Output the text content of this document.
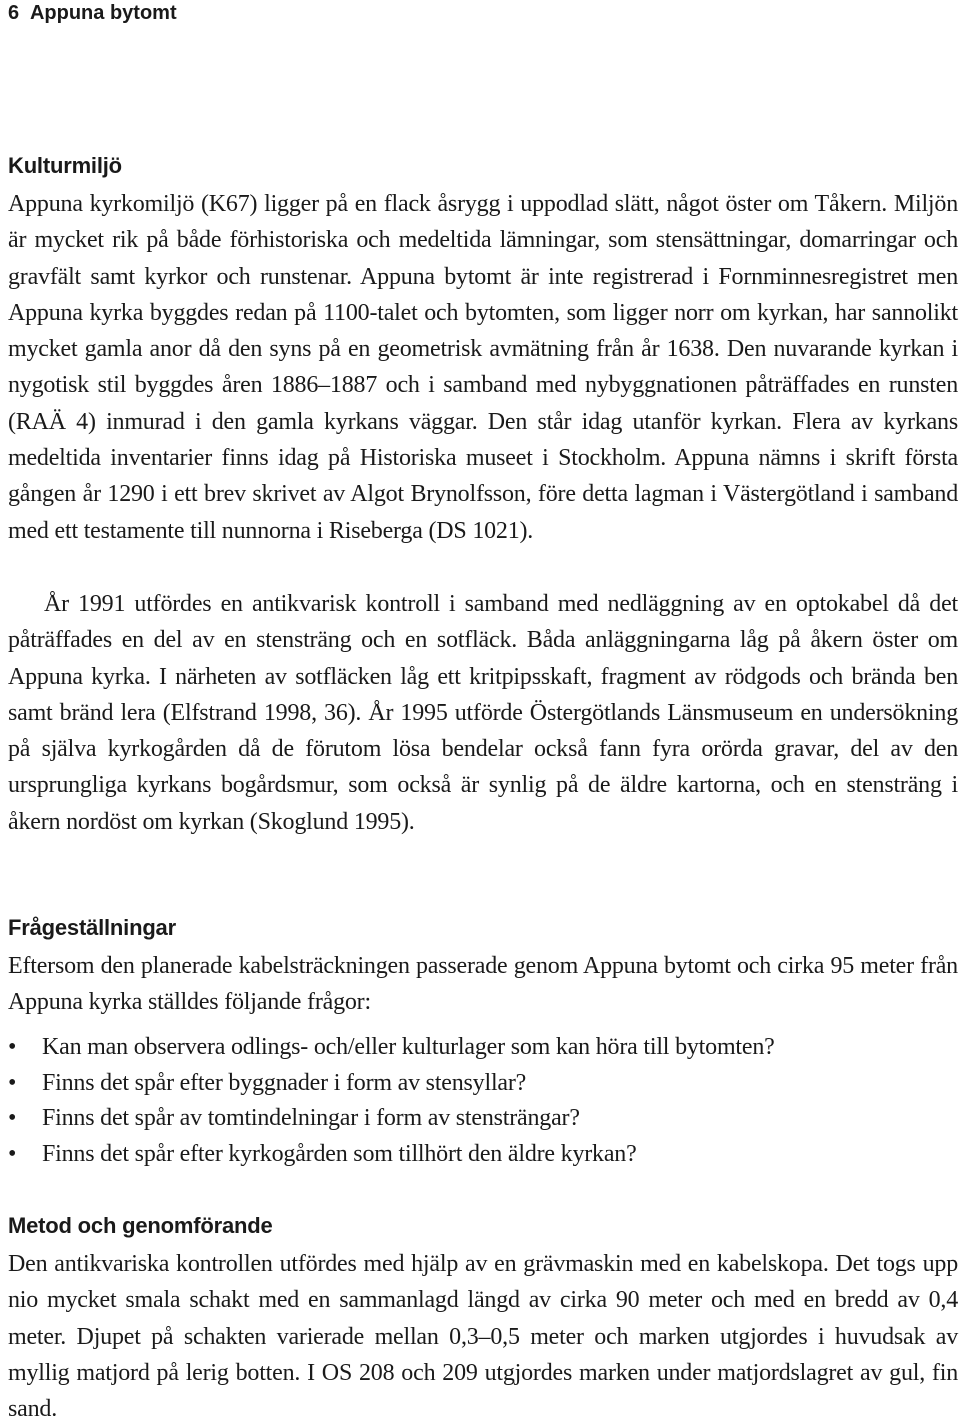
6 Appuna bytomt
Kulturmiljö

Appuna kyrkomiljö (K67) ligger på en flack åsrygg i uppodlad slätt, något öster om Tåkern. Miljön är mycket rik på både förhistoriska och medeltida lämningar, som stensättningar, domarringar och gravfält samt kyrkor och runstenar. Appuna bytomt är inte registrerad i Fornminnesregistret men Appuna kyrka byggdes redan på 1100-talet och bytomten, som ligger norr om kyrkan, har sannolikt mycket gamla anor då den syns på en geometrisk avmätning från år 1638. Den nuvarande kyrkan i nygotisk stil byggdes åren 1886–1887 och i samband med nybyggnationen påträffades en runsten (RAÄ 4) inmurad i den gamla kyrkans väggar. Den står idag utanför kyrkan. Flera av kyrkans medeltida inventarier finns idag på Historiska museet i Stockholm. Appuna nämns i skrift första gången år 1290 i ett brev skrivet av Algot Brynolfsson, före detta lagman i Västergötland i samband med ett testamente till nunnorna i Riseberga (DS 1021).

År 1991 utfördes en antikvarisk kontroll i samband med nedläggning av en optokabel då det påträffades en del av en stensträng och en sotfläck. Båda anläggningarna låg på åkern öster om Appuna kyrka. I närheten av sotfläcken låg ett kritpipsskaft, fragment av rödgods och brända ben samt bränd lera (Elfstrand 1998, 36). År 1995 utförde Östergötlands Länsmuseum en undersökning på själva kyrkogården då de förutom lösa bendelar också fann fyra orörda gravar, del av den ursprungliga kyrkans bogårdsmur, som också är synlig på de äldre kartorna, och en stensträng i åkern nordöst om kyrkan (Skoglund 1995).

Frågeställningar

Eftersom den planerade kabelsträckningen passerade genom Appuna bytomt och cirka 95 meter från Appuna kyrka ställdes följande frågor:

• Kan man observera odlings- och/eller kulturlager som kan höra till bytomten?
• Finns det spår efter byggnader i form av stensyllar?
• Finns det spår av tomtindelningar i form av stensträngar?
• Finns det spår efter kyrkogården som tillhört den äldre kyrkan?
Metod och genomförande

Den antikvariska kontrollen utfördes med hjälp av en grävmaskin med en kabelskopa. Det togs upp nio mycket smala schakt med en sammanlagd längd av cirka 90 meter och med en bredd av 0,4 meter. Djupet på schakten varierade mellan 0,3–0,5 meter och marken utgjordes i huvudsak av myllig matjord på lerig botten. I OS 208 och 209 utgjordes marken under matjordslagret av gul, fin sand.
